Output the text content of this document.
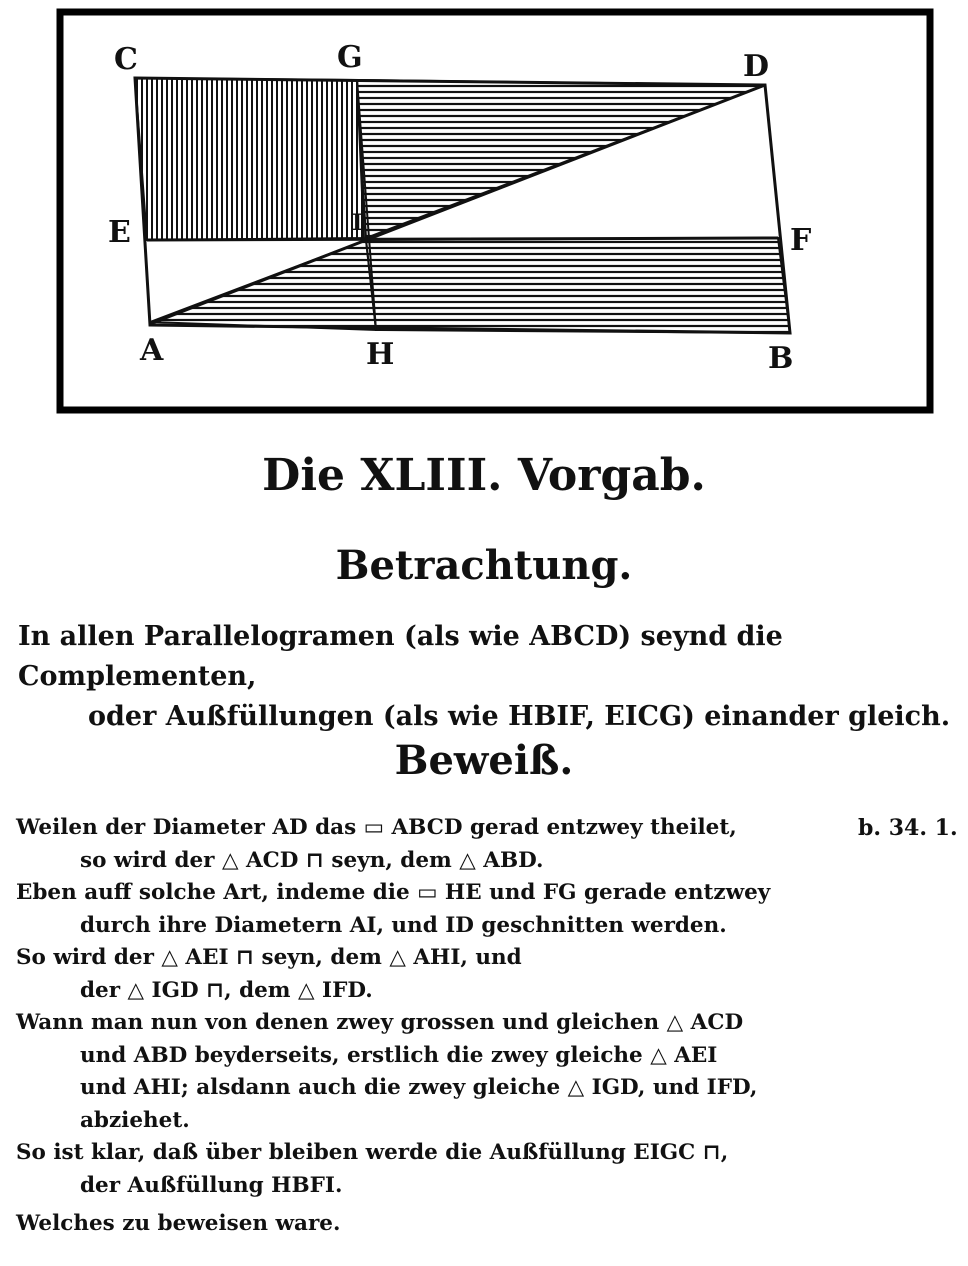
C	G	D
E	I	F
A	H	B
Die XLIII. Vorgab.
Betrachtung.
In allen Parallelogramen (als wie ABCD) seynd die Complementen,
oder Außfüllungen (als wie HBIF, EICG) einander gleich.
Beweiß.
b. 34. 1.
Weilen der Diameter AD das ▭ ABCD gerad entzwey theilet,
so wird der △ ACD ⊓ seyn, dem △ ABD.
Eben auff solche Art, indeme die ▭ HE und FG gerade entzwey
durch ihre Diametern AI, und ID geschnitten werden.
So wird der △ AEI ⊓ seyn, dem △ AHI, und
der △ IGD ⊓, dem △ IFD.
Wann man nun von denen zwey grossen und gleichen △ ACD
und ABD beyderseits, erstlich die zwey gleiche △ AEI
und AHI; alsdann auch die zwey gleiche △ IGD, und IFD,
abziehet.
So ist klar, daß über bleiben werde die Außfüllung EIGC ⊓,
der Außfüllung HBFI.
Welches zu beweisen ware.
